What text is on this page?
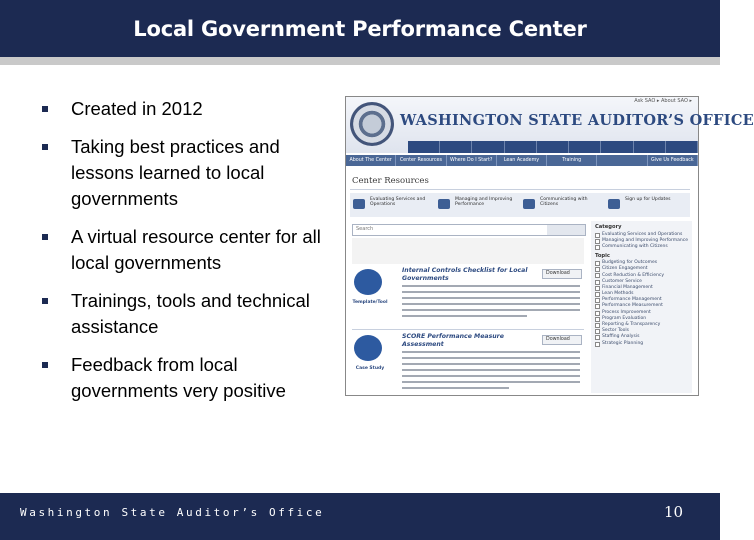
Local Government Performance Center
Created in 2012
Taking best practices and lessons learned to local governments
A virtual resource center for all local governments
Trainings, tools and technical assistance
Feedback from local governments very positive
Ask SAO ▸ About SAO ▸
WASHINGTON STATE AUDITOR’S OFFICE
About The Center	Center Resources	Where Do I Start?	Lean Academy	Training	Give Us Feedback
Center Resources
Evaluating Services and Operations
Managing and Improving Performance
Communicating with Citizens
Sign up for Updates
Search	Category
Evaluating Services and Operations
Managing and Improving Performance
Communicating with Citizens
Topic
Budgeting for Outcomes
Citizen Engagement
Cost Reduction & Efficiency
Customer Service
Financial Management
Lean Methods
Performance Management
Performance Measurement
Process Improvement
Program Evaluation
Reporting & Transparency
Sector Tools
Staffing Analysis
Strategic Planning
Template/Tool
Internal Controls Checklist for Local Governments
Download
Case Study
SCORE Performance Measure Assessment
Download
Washington State Auditor’s Office	10
